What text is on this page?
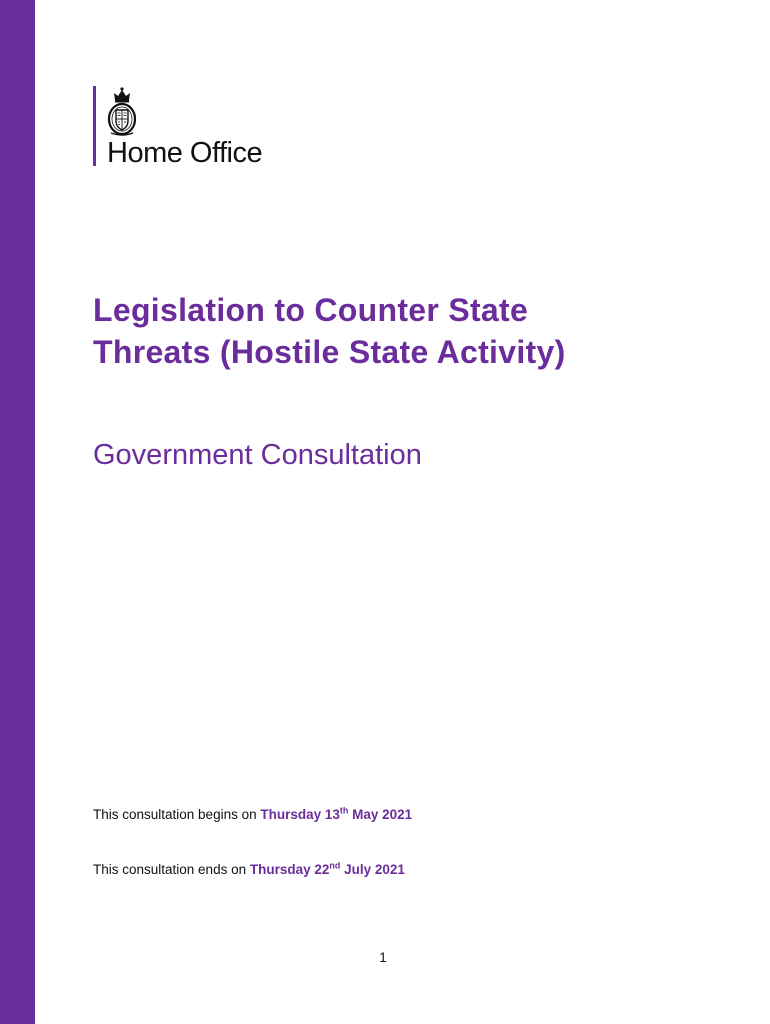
Home Office
Legislation to Counter State
Threats (Hostile State Activity)
Government Consultation
This consultation begins on Thursday 13th May 2021
This consultation ends on Thursday 22nd July 2021
1
